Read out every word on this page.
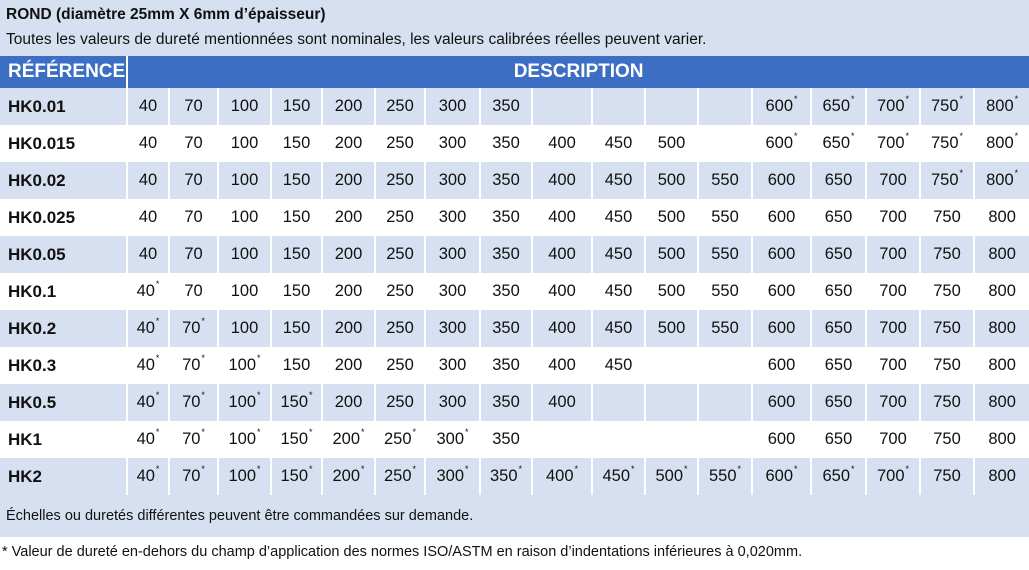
ROND (diamètre 25mm X 6mm d’épaisseur)
Toutes les valeurs de dureté mentionnées sont nominales, les valeurs calibrées réelles peuvent varier.
RÉFÉRENCE	DESCRIPTION																
HK0.01	40	70	100	150	200	250	300	350					600*	650*	700*	750*	800*
HK0.015	40	70	100	150	200	250	300	350	400	450	500		600*	650*	700*	750*	800*
HK0.02	40	70	100	150	200	250	300	350	400	450	500	550	600	650	700	750*	800*
HK0.025	40	70	100	150	200	250	300	350	400	450	500	550	600	650	700	750	800
HK0.05	40	70	100	150	200	250	300	350	400	450	500	550	600	650	700	750	800
HK0.1	40*	70	100	150	200	250	300	350	400	450	500	550	600	650	700	750	800
HK0.2	40*	70*	100	150	200	250	300	350	400	450	500	550	600	650	700	750	800
HK0.3	40*	70*	100*	150	200	250	300	350	400	450			600	650	700	750	800
HK0.5	40*	70*	100*	150*	200	250	300	350	400				600	650	700	750	800
HK1	40*	70*	100*	150*	200*	250*	300*	350					600	650	700	750	800
HK2	40*	70*	100*	150*	200*	250*	300*	350*	400*	450*	500*	550*	600*	650*	700*	750	800
Échelles ou duretés différentes peuvent être commandées sur demande.
* Valeur de dureté en-dehors du champ d’application des normes ISO/ASTM en raison d’indentations inférieures à 0,020mm.
